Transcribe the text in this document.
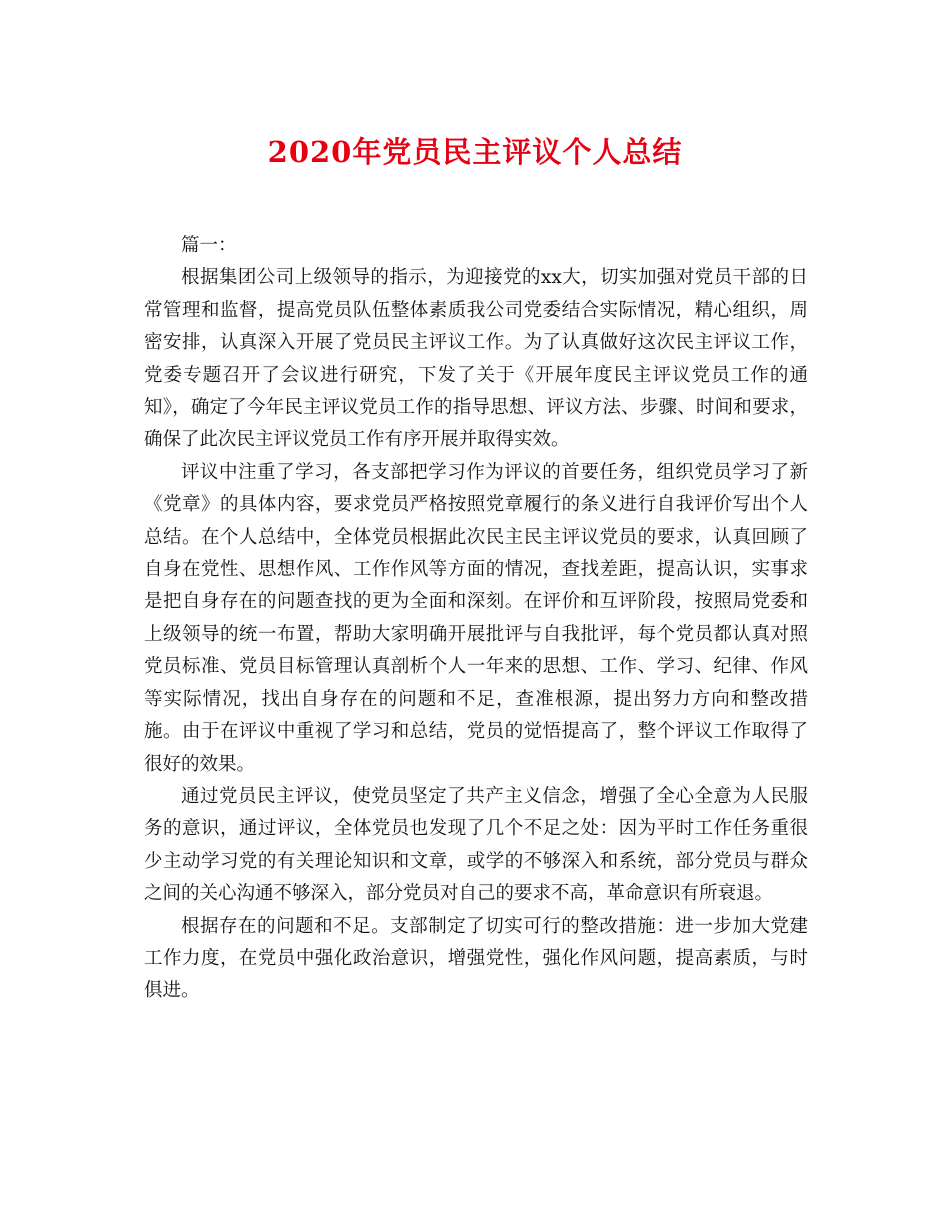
2020年党员民主评议个人总结

篇一：

根据集团公司上级领导的指示，为迎接党的xx大，切实加强对党员干部的日常管理和监督，提高党员队伍整体素质我公司党委结合实际情况，精心组织，周密安排，认真深入开展了党员民主评议工作。为了认真做好这次民主评议工作，党委专题召开了会议进行研究，下发了关于《开展年度民主评议党员工作的通知》，确定了今年民主评议党员工作的指导思想、评议方法、步骤、时间和要求，确保了此次民主评议党员工作有序开展并取得实效。

评议中注重了学习，各支部把学习作为评议的首要任务，组织党员学习了新《党章》的具体内容，要求党员严格按照党章履行的条义进行自我评价写出个人总结。在个人总结中，全体党员根据此次民主民主评议党员的要求，认真回顾了自身在党性、思想作风、工作作风等方面的情况，查找差距，提高认识，实事求是把自身存在的问题查找的更为全面和深刻。在评价和互评阶段，按照局党委和上级领导的统一布置，帮助大家明确开展批评与自我批评，每个党员都认真对照党员标准、党员目标管理认真剖析个人一年来的思想、工作、学习、纪律、作风等实际情况，找出自身存在的问题和不足，查准根源，提出努力方向和整改措施。由于在评议中重视了学习和总结，党员的觉悟提高了，整个评议工作取得了很好的效果。

通过党员民主评议，使党员坚定了共产主义信念，增强了全心全意为人民服务的意识，通过评议，全体党员也发现了几个不足之处：因为平时工作任务重很少主动学习党的有关理论知识和文章，或学的不够深入和系统，部分党员与群众之间的关心沟通不够深入，部分党员对自己的要求不高，革命意识有所衰退。

根据存在的问题和不足。支部制定了切实可行的整改措施：进一步加大党建工作力度，在党员中强化政治意识，增强党性，强化作风问题，提高素质，与时俱进。
